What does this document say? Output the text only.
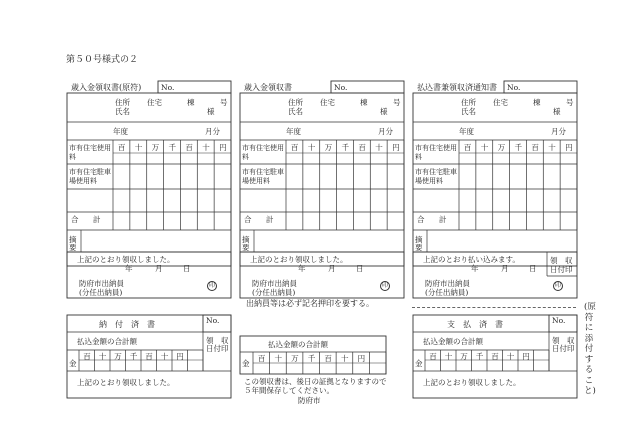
第５０号様式の２
出納員等は必ず記名押印を要する。	(原符に添付すること)
歳入金領収書(原符)	No.
住所 住宅	棟	号
氏名	様
年度	月分
百 十 万 千 百 十 円
市有住宅使用料
市有住宅駐車場使用料
合 計
摘
要
上記のとおり領収しました。
年	月	日
防府市出納員
(分任出納員)
印
歳入金領収書	No.
住所 住宅	棟	号
氏名	様
年度	月分
百 十 万 千 百 十 円
市有住宅使用料
市有住宅駐車場使用料
合 計
摘
要
上記のとおり領収しました。
年	月	日
防府市出納員
(分任出納員)
印
払込書兼領収済通知書 No.
住所 住宅	棟	号
氏名	様
年度	月分
百 十 万 千 百 十 円
市有住宅使用料
市有住宅駐車場使用料
合 計
摘
要
上記のとおり払い込みます。
年	月	日
防府市出納員
(分任出納員)
印
領　収
日付印
No.
納　付　済　書
払込金額の合計額	領　収
日付印
金
百 十 万 千 百 十 円
上記のとおり領収しました。
払込金額の合計額
金
百 十 万 千 百 十 円
この領収書は、後日の証拠となりますので
５年間保存してください。
防府市
No.
支　払　済　書
払込金額の合計額	領　収
日付印
金
百 十 万 千 百 十 円
上記のとおり領収しました。
